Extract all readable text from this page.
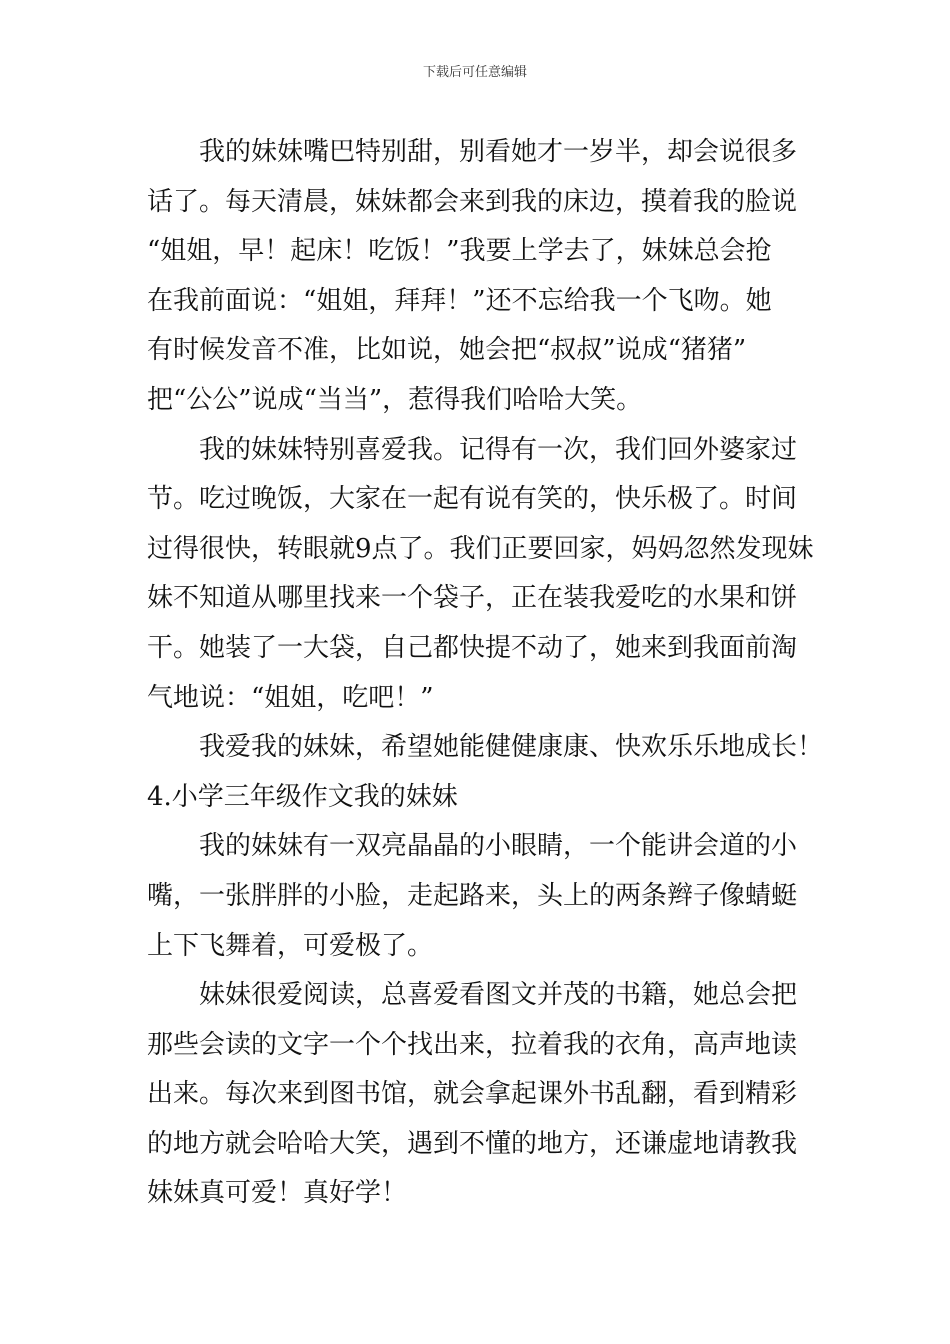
下载后可任意编辑
我的妹妹嘴巴特别甜，别看她才一岁半，却会说很多
话了。每天清晨，妹妹都会来到我的床边，摸着我的脸说
“姐姐，早！起床！吃饭！”我要上学去了，妹妹总会抢
在我前面说：“姐姐，拜拜！”还不忘给我一个飞吻。她
有时候发音不准，比如说，她会把“叔叔”说成“猪猪”
把“公公”说成“当当”，惹得我们哈哈大笑。
我的妹妹特别喜爱我。记得有一次，我们回外婆家过
节。吃过晚饭，大家在一起有说有笑的，快乐极了。时间
过得很快，转眼就9点了。我们正要回家，妈妈忽然发现妹
妹不知道从哪里找来一个袋子，正在装我爱吃的水果和饼
干。她装了一大袋，自己都快提不动了，她来到我面前淘
气地说：“姐姐，吃吧！”
我爱我的妹妹，希望她能健健康康、快欢乐乐地成长！
4.小学三年级作文我的妹妹
我的妹妹有一双亮晶晶的小眼睛，一个能讲会道的小
嘴，一张胖胖的小脸，走起路来，头上的两条辫子像蜻蜓
上下飞舞着，可爱极了。
妹妹很爱阅读，总喜爱看图文并茂的书籍，她总会把
那些会读的文字一个个找出来，拉着我的衣角，高声地读
出来。每次来到图书馆，就会拿起课外书乱翻，看到精彩
的地方就会哈哈大笑，遇到不懂的地方，还谦虚地请教我
妹妹真可爱！真好学！
